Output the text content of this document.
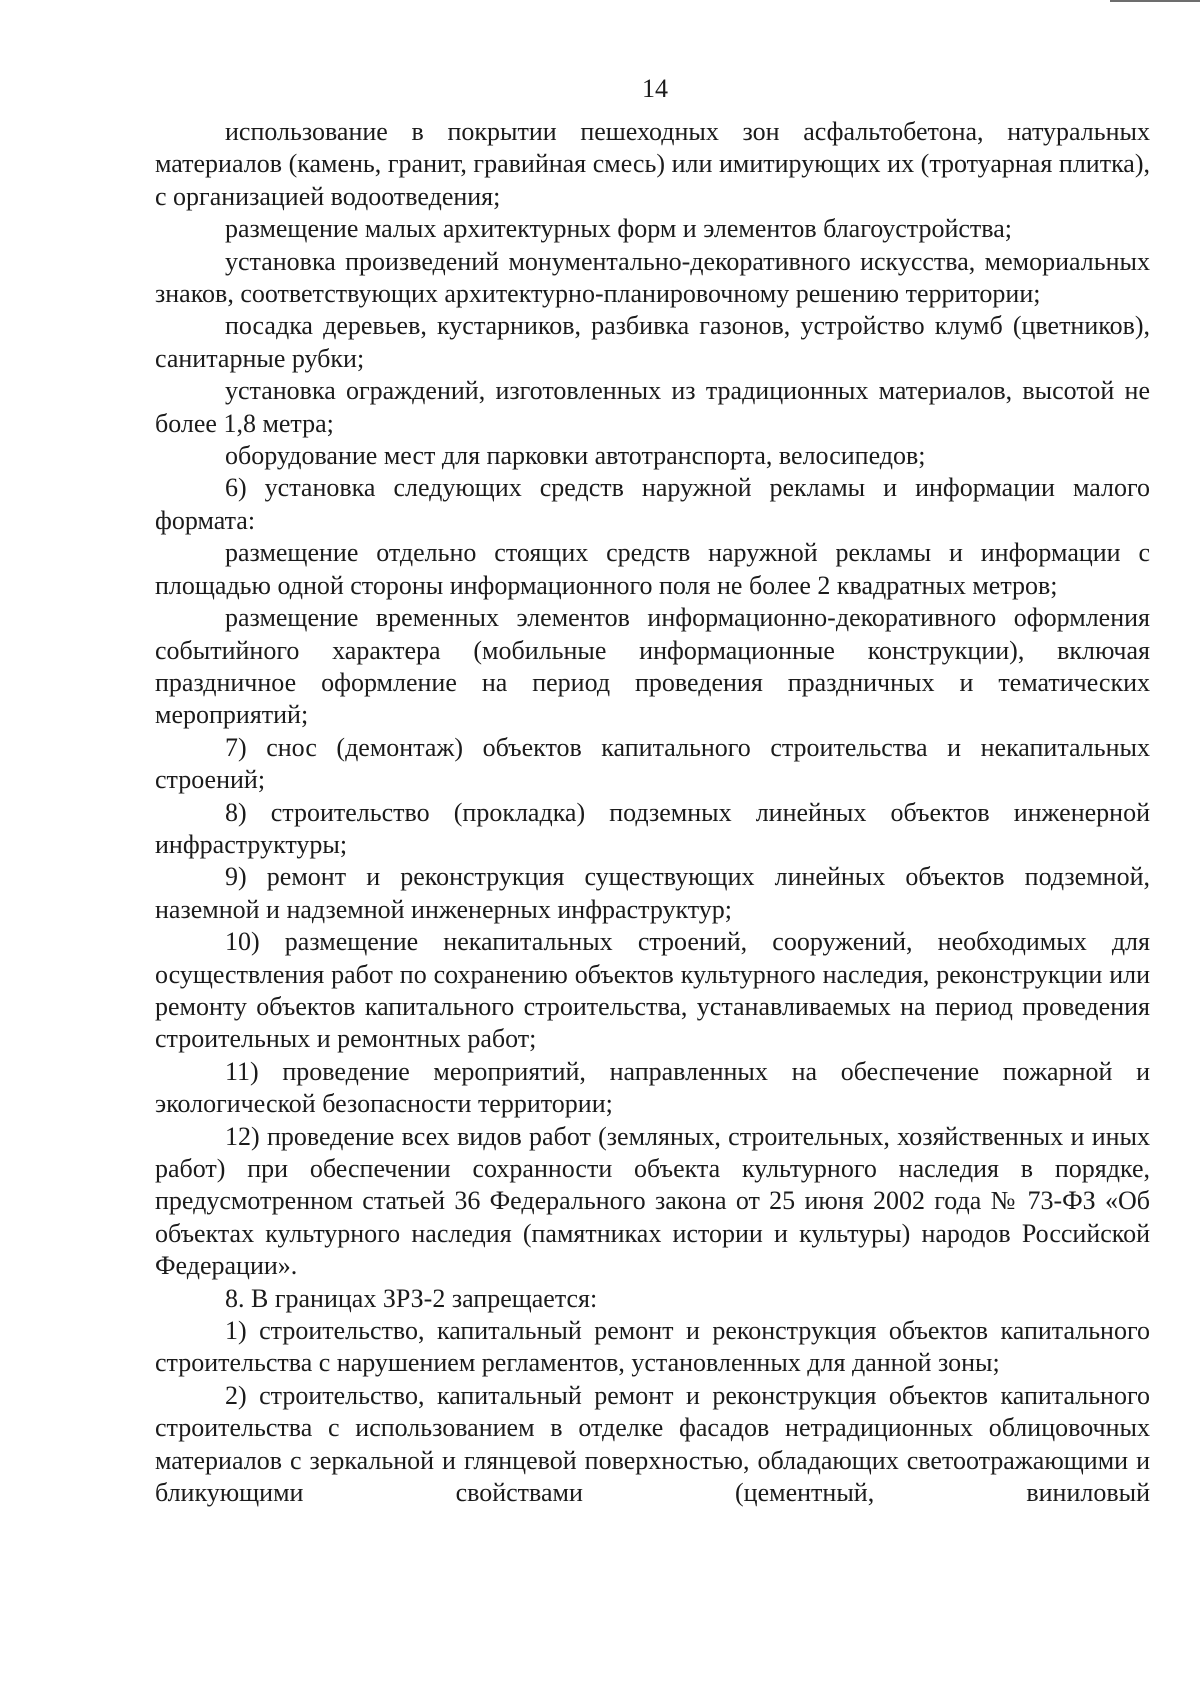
14

использование в покрытии пешеходных зон асфальтобетона, натуральных материалов (камень, гранит, гравийная смесь) или имитирующих их (тротуарная плитка), с организацией водоотведения;

размещение малых архитектурных форм и элементов благоустройства;

установка произведений монументально-декоративного искусства, мемориальных знаков, соответствующих архитектурно-планировочному решению территории;

посадка деревьев, кустарников, разбивка газонов, устройство клумб (цветников), санитарные рубки;

установка ограждений, изготовленных из традиционных материалов, высотой не более 1,8 метра;

оборудование мест для парковки автотранспорта, велосипедов;

6) установка следующих средств наружной рекламы и информации малого формата:

размещение отдельно стоящих средств наружной рекламы и информации с площадью одной стороны информационного поля не более 2 квадратных метров;

размещение временных элементов информационно-декоративного оформления событийного характера (мобильные информационные конструкции), включая праздничное оформление на период проведения праздничных и тематических мероприятий;

7) снос (демонтаж) объектов капитального строительства и некапитальных строений;

8) строительство (прокладка) подземных линейных объектов инженерной инфраструктуры;

9) ремонт и реконструкция существующих линейных объектов подземной, наземной и надземной инженерных инфраструктур;

10) размещение некапитальных строений, сооружений, необходимых для осуществления работ по сохранению объектов культурного наследия, реконструкции или ремонту объектов капитального строительства, устанавливаемых на период проведения строительных и ремонтных работ;

11) проведение мероприятий, направленных на обеспечение пожарной и экологической безопасности территории;

12) проведение всех видов работ (земляных, строительных, хозяйственных и иных работ) при обеспечении сохранности объекта культурного наследия в порядке, предусмотренном статьей 36 Федерального закона от 25 июня 2002 года № 73-ФЗ «Об объектах культурного наследия (памятниках истории и культуры) народов Российской Федерации».

8. В границах ЗРЗ-2 запрещается:

1) строительство, капитальный ремонт и реконструкция объектов капитального строительства с нарушением регламентов, установленных для данной зоны;

2) строительство, капитальный ремонт и реконструкция объектов капитального строительства с использованием в отделке фасадов нетрадиционных облицовочных материалов с зеркальной и глянцевой поверхностью, обладающих светоотражающими и бликующими свойствами (цементный, виниловый
